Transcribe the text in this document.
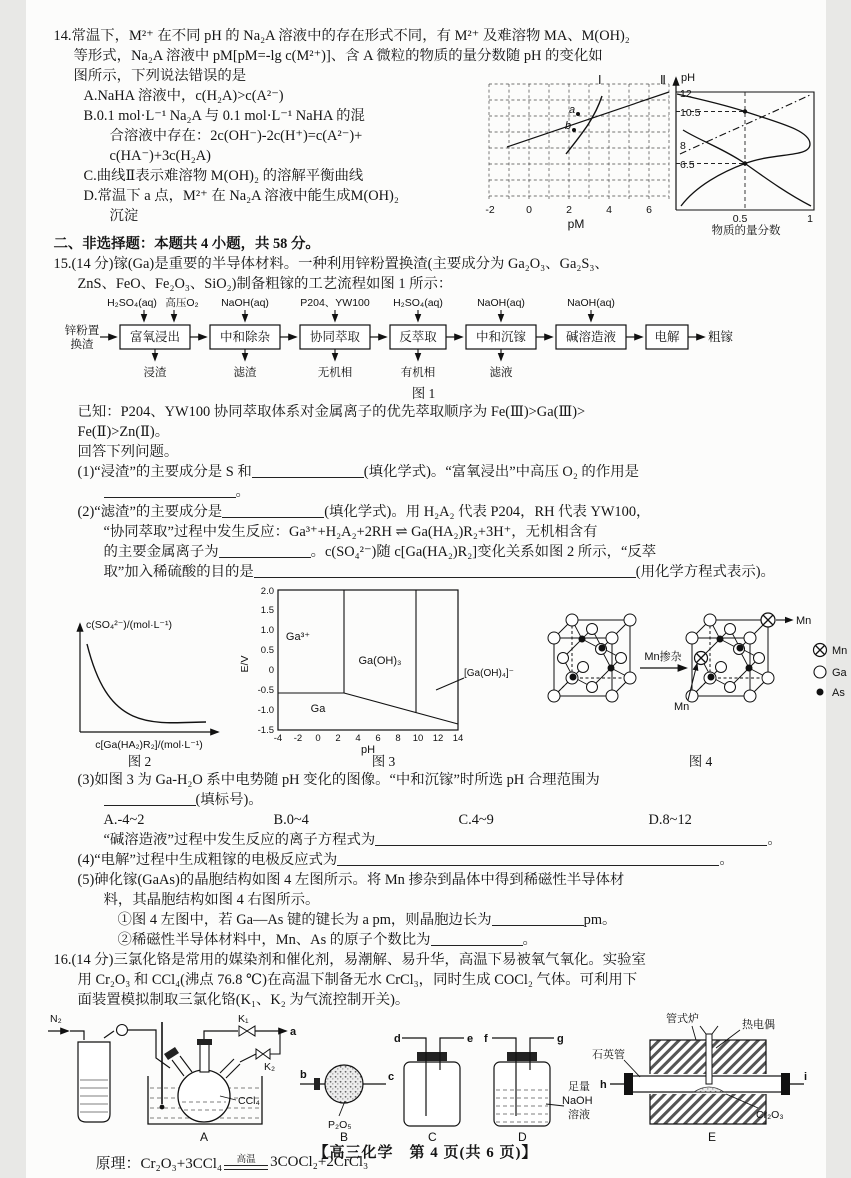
14.常温下，M²⁺ 在不同 pH 的 Na₂A 溶液中的存在形式不同，有 M²⁺ 及难溶物 MA、M(OH)₂
等形式，Na₂A 溶液中 pM[pM=-lg c(M²⁺)]、含 A 微粒的物质的量分数随 pH 的变化如
图所示，下列说法错误的是
A.NaHA 溶液中，c(H₂A)>c(A²⁻)
B.0.1 mol·L⁻¹ Na₂A 与 0.1 mol·L⁻¹ NaHA 的混
合溶液中存在：2c(OH⁻)-2c(H⁺)=c(A²⁻)+
c(HA⁻)+3c(H₂A)
C.曲线Ⅱ表示难溶物 M(OH)₂ 的溶解平衡曲线
D.常温下 a 点，M²⁺ 在 Na₂A 溶液中能生成M(OH)₂
沉淀
Ⅰ	Ⅱ
a
b
-2	0	2	4	6
pM
pH
12
10.5
8
6.5
0.5	1
物质的量分数
二、非选择题：本题共 4 小题，共 58 分。
15.(14 分)镓(Ga)是重要的半导体材料。一种利用锌粉置换渣(主要成分为 Ga₂O₃、Ga₂S₃、
ZnS、FeO、Fe₂O₃、SiO₂)制备粗镓的工艺流程如图 1 所示：
H₂SO₄(aq) 高压O₂ NaOH(aq)	P204、YW100 H₂SO₄(aq)	NaOH(aq)	NaOH(aq)
锌粉置
换渣
富氧浸出	中和除杂	协同萃取	反萃取	中和沉镓	碱溶造液	电解 粗镓
浸渣	滤渣	无机相	有机相	滤液
图 1
已知：P204、YW100 协同萃取体系对金属离子的优先萃取顺序为 Fe(Ⅲ)>Ga(Ⅲ)>
Fe(Ⅱ)>Zn(Ⅱ)。
回答下列问题。
(1)“浸渣”的主要成分是 S 和	(填化学式)。“富氧浸出”中高压 O₂ 的作用是
。
(2)“滤渣”的主要成分是	(填化学式)。用 H₂A₂ 代表 P204，RH 代表 YW100，
“协同萃取”过程中发生反应：Ga³⁺+H₂A₂+2RH ⇌ Ga(HA₂)R₂+3H⁺，无机相含有
的主要金属离子为	。c(SO₄²⁻)随 c[Ga(HA₂)R₂]变化关系如图 2 所示，“反萃
取”加入稀硫酸的目的是	(用化学方程式表示)。
c(SO₄²⁻)/(mol·L⁻¹)
c[Ga(HA₂)R₂]/(mol·L⁻¹)
图 2
2.0
1.5
1.0
0.5
0
-0.5
-1.0
-1.5
-4 -2 0 2 4 6 8 10 12 14
E/V
pH
Ga³⁺
Ga(OH)₃
Ga
[Ga(OH)₄]⁻
图 3
Mn掺杂
Mn
Mn
Mn
Ga
As
图 4
(3)如图 3 为 Ga-H₂O 系中电势随 pH 变化的图像。“中和沉镓”时所选 pH 合理范围为
(填标号)。
A.-4~2	B.0~4	C.4~9	D.8~12
“碱溶造液”过程中发生反应的离子方程式为	。
(4)“电解”过程中生成粗镓的电极反应式为	。
(5)砷化镓(GaAs)的晶胞结构如图 4 左图所示。将 Mn 掺杂到晶体中得到稀磁性半导体材
料，其晶胞结构如图 4 右图所示。
①图 4 左图中，若 Ga—As 键的键长为 a pm，则晶胞边长为	pm。
②稀磁性半导体材料中，Mn、As 的原子个数比为	。
16.(14 分)三氯化铬是常用的媒染剂和催化剂，易潮解、易升华，高温下易被氧气氧化。实验室
用 Cr₂O₃ 和 CCl₄(沸点 76.8 ℃)在高温下制备无水 CrCl₃，同时生成 COCl₂ 气体。可利用下
面装置模拟制取三氯化铬(K₁、K₂ 为气流控制开关)。
N₂	K₁
a
K₂
CCl₄
A
b	c
P₂O₅
B
d	e
C
f	g
足量
NaOH
溶液
D
h
i
管式炉	热电偶
石英管
Cr₂O₃
E
原理：Cr₂O₃+3CCl₄ 高温 3COCl₂+2CrCl₃
【高三化学　第 4 页(共 6 页)】
